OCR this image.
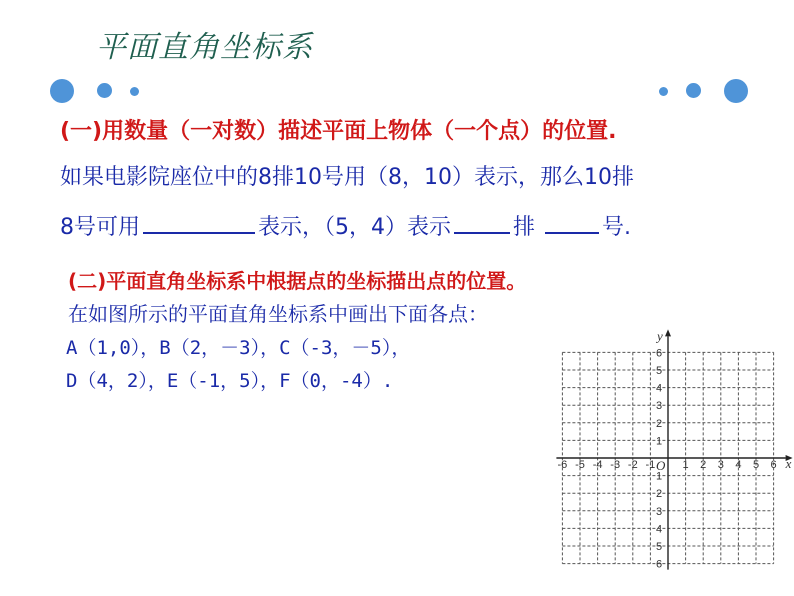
平面直角坐标系
(一)用数量（一对数）描述平面上物体（一个点）的位置.
如果电影院座位中的8排10号用（8，10）表示，那么10排
8号可用	表示，（5，4）表示	排	号.
(二)平面直角坐标系中根据点的坐标描出点的位置。
在如图所示的平面直角坐标系中画出下面各点：
A（1,0），B（2，－3），C（-3，－5），
D（4，2），E（-1，5），F（0，-4）.
x
y
O
-6 -5 -4 -3 -2 -1 1 2 3 4 5 6
6
5
4
3
2
1
1
2
3
4
5
6
